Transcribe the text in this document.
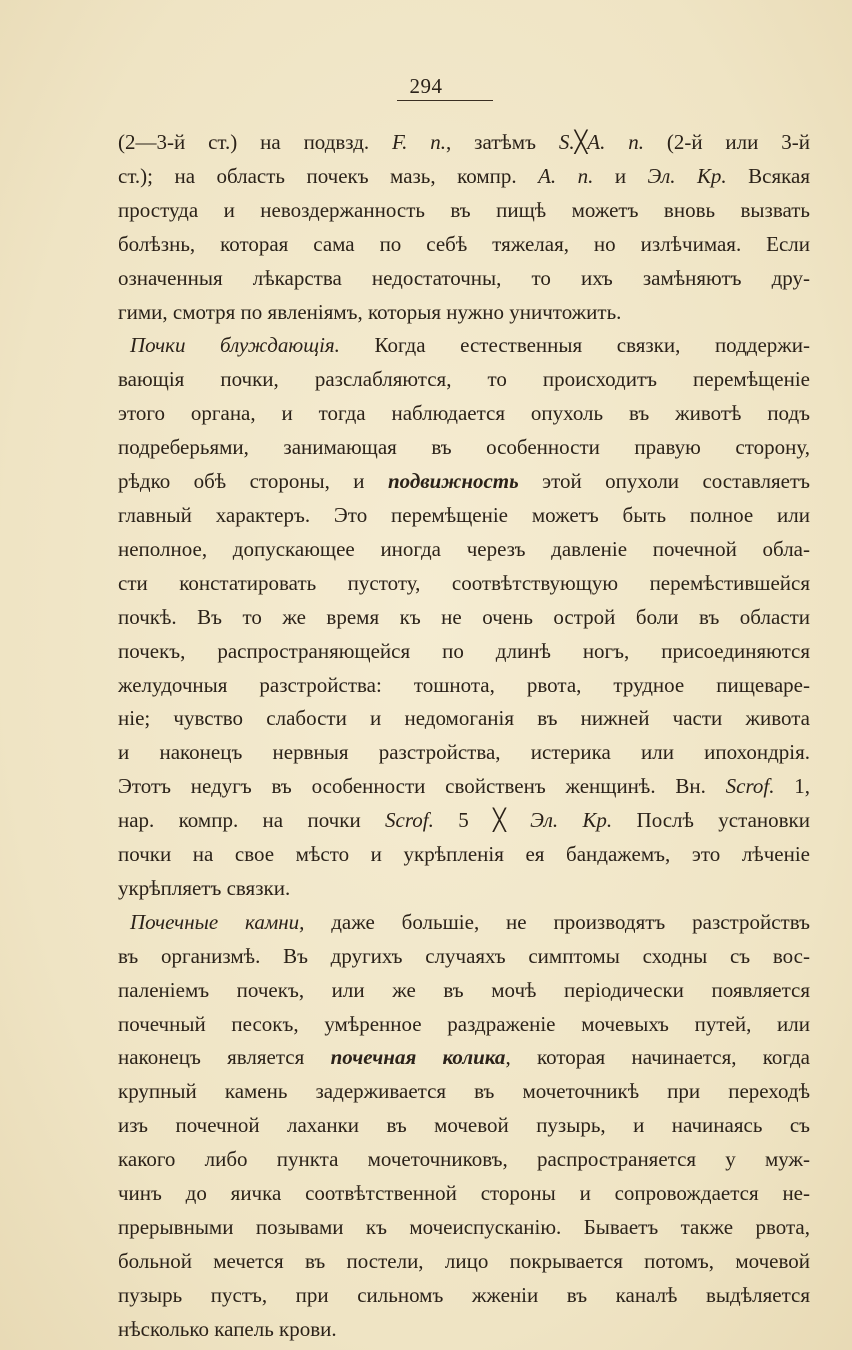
294
(2—3-й ст.) на подвзд. F. n., затѣмъ S.╳A. n. (2-й или 3-й
ст.); на область почекъ мазь, компр. A. n. и Эл. Кр. Всякая
простуда и невоздержанность въ пищѣ можетъ вновь вызвать
болѣзнь, которая сама по себѣ тяжелая, но излѣчимая. Если
означенныя лѣкарства недостаточны, то ихъ замѣняютъ дру-
гими, смотря по явленіямъ, которыя нужно уничтожить.
Почки блуждающія. Когда естественныя связки, поддержи-
вающія почки, разслабляются, то происходитъ перемѣщеніе
этого органа, и тогда наблюдается опухоль въ животѣ подъ
подреберьями, занимающая въ особенности правую сторону,
рѣдко обѣ стороны, и подвижность этой опухоли составляетъ
главный характеръ. Это перемѣщеніе можетъ быть полное или
неполное, допускающее иногда черезъ давленіе почечной обла-
сти констатировать пустоту, соотвѣтствующую перемѣстившейся
почкѣ. Въ то же время къ не очень острой боли въ области
почекъ, распространяющейся по длинѣ ногъ, присоединяются
желудочныя разстройства: тошнота, рвота, трудное пищеваре-
ніе; чувство слабости и недомоганія въ нижней части живота
и наконецъ нервныя разстройства, истерика или ипохондрія.
Этотъ недугъ въ особенности свойственъ женщинѣ. Вн. Scrof. 1,
нар. компр. на почки Scrof. 5 ╳ Эл. Кр. Послѣ установки
почки на свое мѣсто и укрѣпленія ея бандажемъ, это лѣченіе
укрѣпляетъ связки.
Почечные камни, даже большіе, не производятъ разстройствъ
въ организмѣ. Въ другихъ случаяхъ симптомы сходны съ вос-
паленіемъ почекъ, или же въ мочѣ періодически появляется
почечный песокъ, умѣренное раздраженіе мочевыхъ путей, или
наконецъ является почечная колика, которая начинается, когда
крупный камень задерживается въ мочеточникѣ при переходѣ
изъ почечной лаханки въ мочевой пузырь, и начинаясь съ
какого либо пункта мочеточниковъ, распространяется у муж-
чинъ до яичка соотвѣтственной стороны и сопровождается не-
прерывными позывами къ мочеиспусканію. Бываетъ также рвота,
больной мечется въ постели, лицо покрывается потомъ, мочевой
пузырь пустъ, при сильномъ жженіи въ каналѣ выдѣляется
нѣсколько капель крови.
